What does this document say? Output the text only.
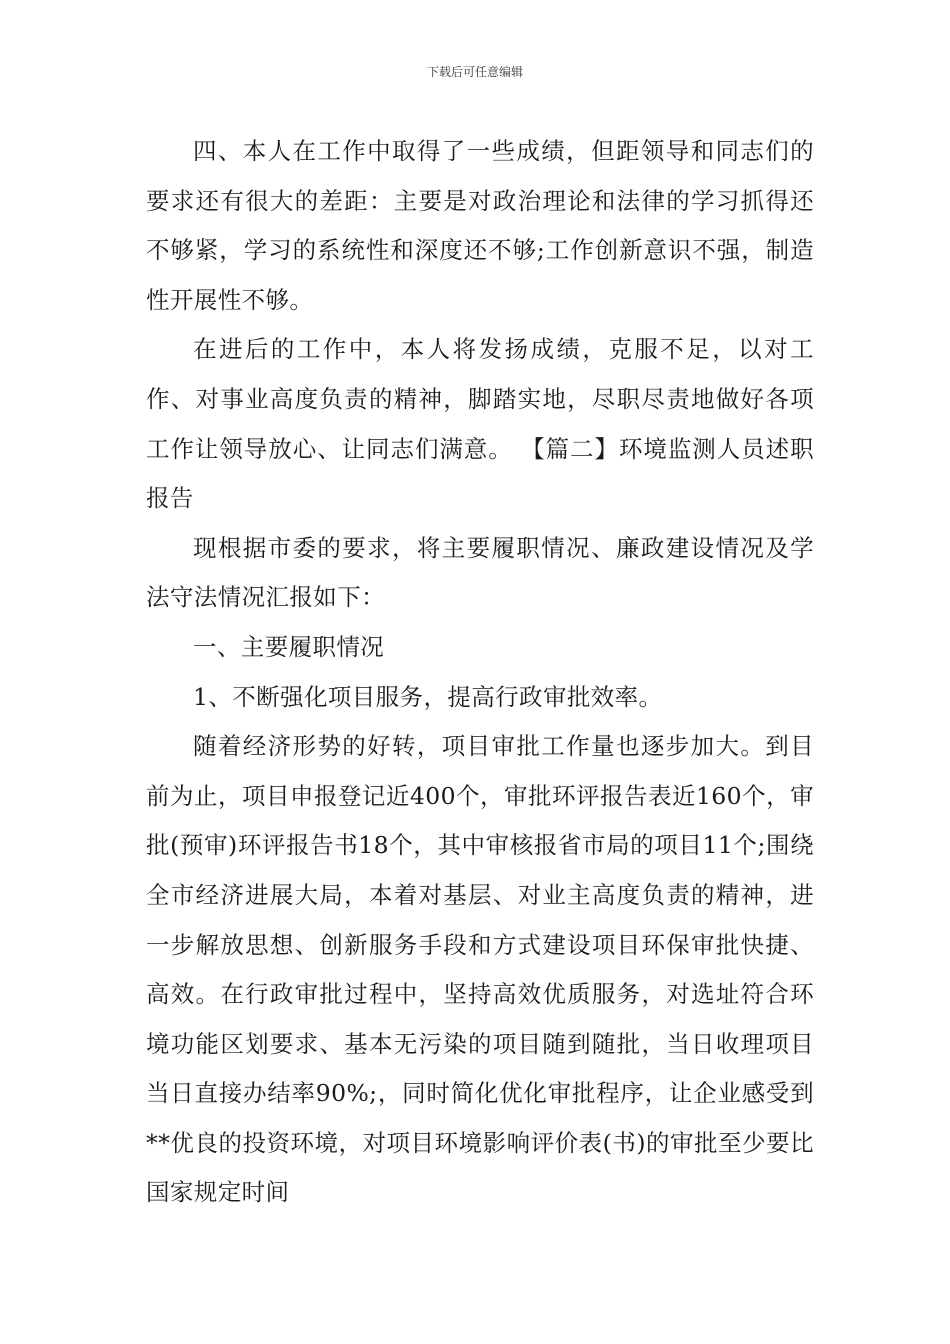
下载后可任意编辑

四、本人在工作中取得了一些成绩，但距领导和同志们的要求还有很大的差距：主要是对政治理论和法律的学习抓得还不够紧，学习的系统性和深度还不够;工作创新意识不强，制造性开展性不够。

在进后的工作中，本人将发扬成绩，克服不足，以对工作、对事业高度负责的精神，脚踏实地，尽职尽责地做好各项工作让领导放心、让同志们满意。 【篇二】环境监测人员述职报告

现根据市委的要求，将主要履职情况、廉政建设情况及学法守法情况汇报如下：

一、主要履职情况

1、不断强化项目服务，提高行政审批效率。

随着经济形势的好转，项目审批工作量也逐步加大。到目前为止，项目申报登记近400个，审批环评报告表近160个，审批(预审)环评报告书18个，其中审核报省市局的项目11个;围绕全市经济进展大局，本着对基层、对业主高度负责的精神，进一步解放思想、创新服务手段和方式建设项目环保审批快捷、高效。在行政审批过程中，坚持高效优质服务，对选址符合环境功能区划要求、基本无污染的项目随到随批，当日收理项目当日直接办结率90%;，同时简化优化审批程序，让企业感受到**优良的投资环境，对项目环境影响评价表(书)的审批至少要比国家规定时间
